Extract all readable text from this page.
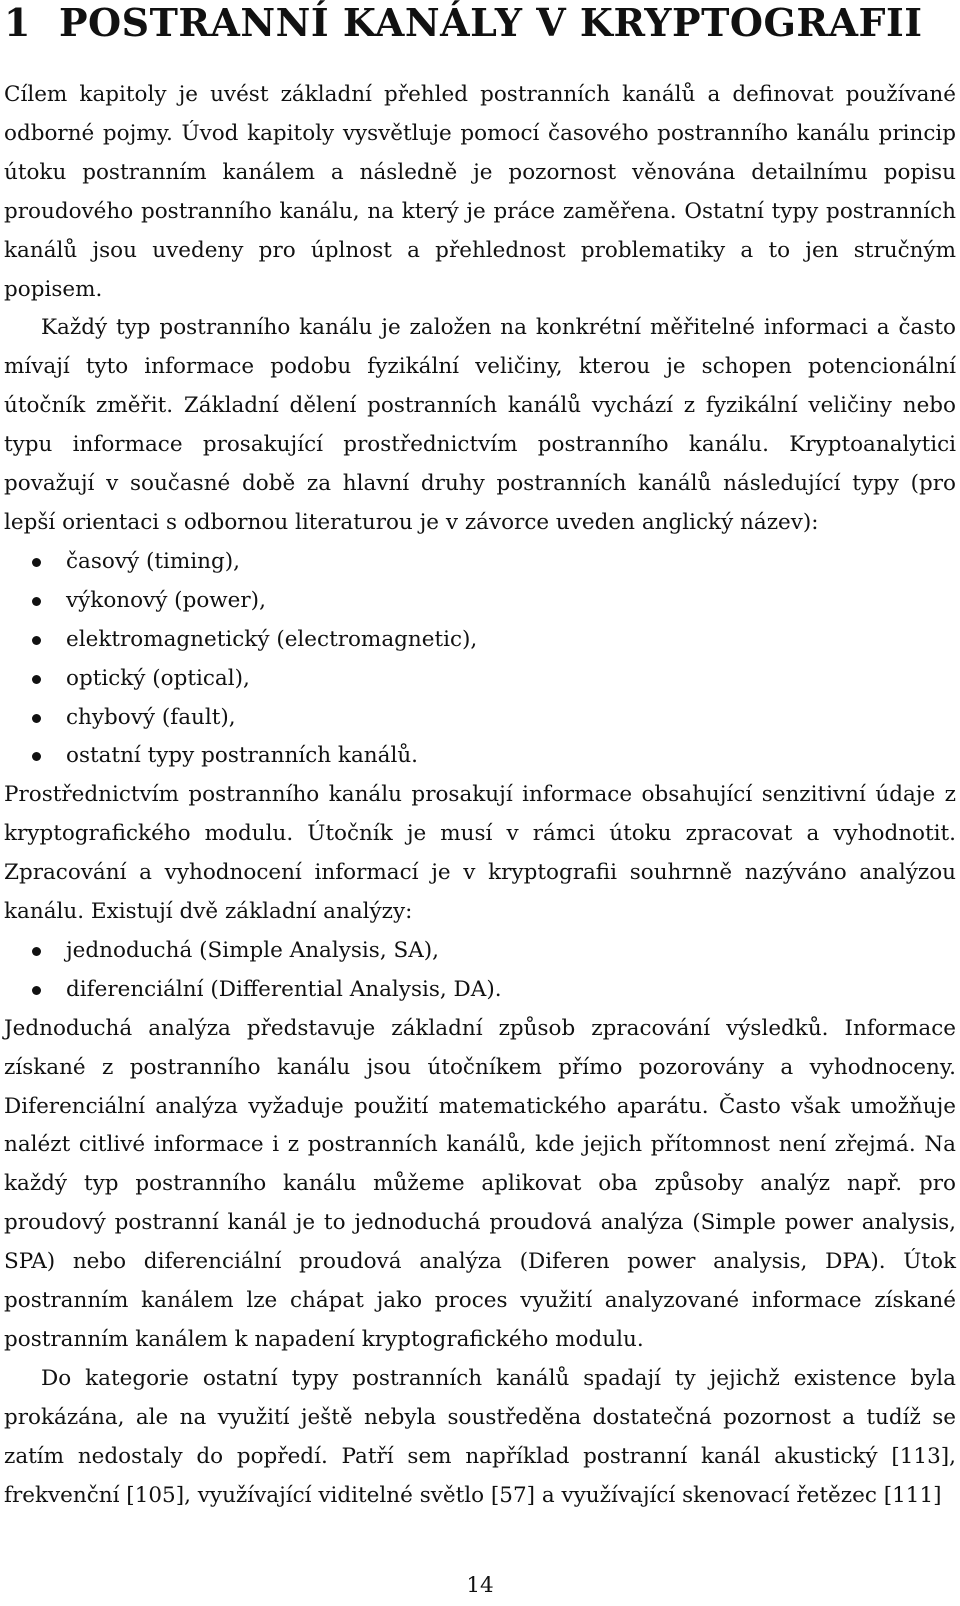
1 POSTRANNÍ KANÁLY V KRYPTOGRAFII

Cílem kapitoly je uvést základní přehled postranních kanálů a definovat používané odborné pojmy. Úvod kapitoly vysvětluje pomocí časového postranního kanálu princip útoku postranním kanálem a následně je pozornost věnována detailnímu popisu proudového postranního kanálu, na který je práce zaměřena. Ostatní typy postranních kanálů jsou uvedeny pro úplnost a přehlednost problematiky a to jen stručným popisem.

Každý typ postranního kanálu je založen na konkrétní měřitelné informaci a často mívají tyto informace podobu fyzikální veličiny, kterou je schopen potencionální útočník změřit. Základní dělení postranních kanálů vychází z fyzikální veličiny nebo typu informace prosakující prostřednictvím postranního kanálu. Kryptoanalytici považují v současné době za hlavní druhy postranních kanálů následující typy (pro lepší orientaci s odbornou literaturou je v závorce uveden anglický název):

časový (timing),
výkonový (power),
elektromagnetický (electromagnetic),
optický (optical),
chybový (fault),
ostatní typy postranních kanálů.

Prostřednictvím postranního kanálu prosakují informace obsahující senzitivní údaje z kryptografického modulu. Útočník je musí v rámci útoku zpracovat a vyhodnotit. Zpracování a vyhodnocení informací je v kryptografii souhrnně nazýváno analýzou kanálu. Existují dvě základní analýzy:

jednoduchá (Simple Analysis, SA),
diferenciální (Differential Analysis, DA).

Jednoduchá analýza představuje základní způsob zpracování výsledků. Informace získané z postranního kanálu jsou útočníkem přímo pozorovány a vyhodnoceny. Diferenciální analýza vyžaduje použití matematického aparátu. Často však umožňuje nalézt citlivé informace i z postranních kanálů, kde jejich přítomnost není zřejmá. Na každý typ postranního kanálu můžeme aplikovat oba způsoby analýz např. pro proudový postranní kanál je to jednoduchá proudová analýza (Simple power analysis, SPA) nebo diferenciální proudová analýza (Diferen power analysis, DPA). Útok postranním kanálem lze chápat jako proces využití analyzované informace získané postranním kanálem k napadení kryptografického modulu.

Do kategorie ostatní typy postranních kanálů spadají ty jejichž existence byla prokázána, ale na využití ještě nebyla soustředěna dostatečná pozornost a tudíž se zatím nedostaly do popředí. Patří sem například postranní kanál akustický [113], frekvenční [105], využívající viditelné světlo [57] a využívající skenovací řetězec [111]

14
